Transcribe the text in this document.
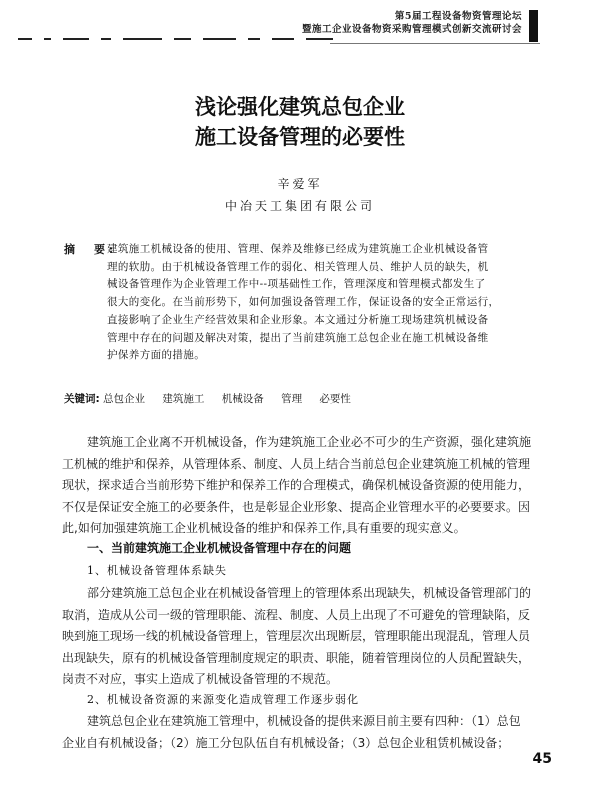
第5届工程设备物资管理论坛
暨施工企业设备物资采购管理模式创新交流研讨会
浅论强化建筑总包企业
施工设备管理的必要性
辛爱军
中冶天工集团有限公司
摘　要:
建筑施工机械设备的使用、管理、保养及维修已经成为建筑施工企业机械设备管
理的软肋。由于机械设备管理工作的弱化、相关管理人员、维护人员的缺失，机
械设备管理作为企业管理工作中--项基础性工作，管理深度和管理模式都发生了
很大的变化。在当前形势下，如何加强设备管理工作，保证设备的安全正常运行，
直接影响了企业生产经营效果和企业形象。本文通过分析施工现场建筑机械设备
管理中存在的问题及解决对策，提出了当前建筑施工总包企业在施工机械设备维
护保养方面的措施。
关键词: 总包企业 建筑施工 机械设备 管理 必要性
建筑施工企业离不开机械设备，作为建筑施工企业必不可少的生产资源，强化建筑施
工机械的维护和保养，从管理体系、制度、人员上结合当前总包企业建筑施工机械的管理
现状，探求适合当前形势下维护和保养工作的合理模式，确保机械设备资源的使用能力，
不仅是保证安全施工的必要条件，也是彰显企业形象、提高企业管理水平的必要要求。因
此,如何加强建筑施工企业机械设备的维护和保养工作,具有重要的现实意义。
一、当前建筑施工企业机械设备管理中存在的问题
1、机械设备管理体系缺失
部分建筑施工总包企业在机械设备管理上的管理体系出现缺失，机械设备管理部门的
取消，造成从公司一级的管理职能、流程、制度、人员上出现了不可避免的管理缺陷，反
映到施工现场一线的机械设备管理上，管理层次出现断层，管理职能出现混乱，管理人员
出现缺失，原有的机械设备管理制度规定的职责、职能，随着管理岗位的人员配置缺失，
岗责不对应，事实上造成了机械设备管理的不规范。
2、机械设备资源的来源变化造成管理工作逐步弱化
建筑总包企业在建筑施工管理中，机械设备的提供来源目前主要有四种：（1）总包
企业自有机械设备；（2）施工分包队伍自有机械设备；（3）总包企业租赁机械设备；
45
